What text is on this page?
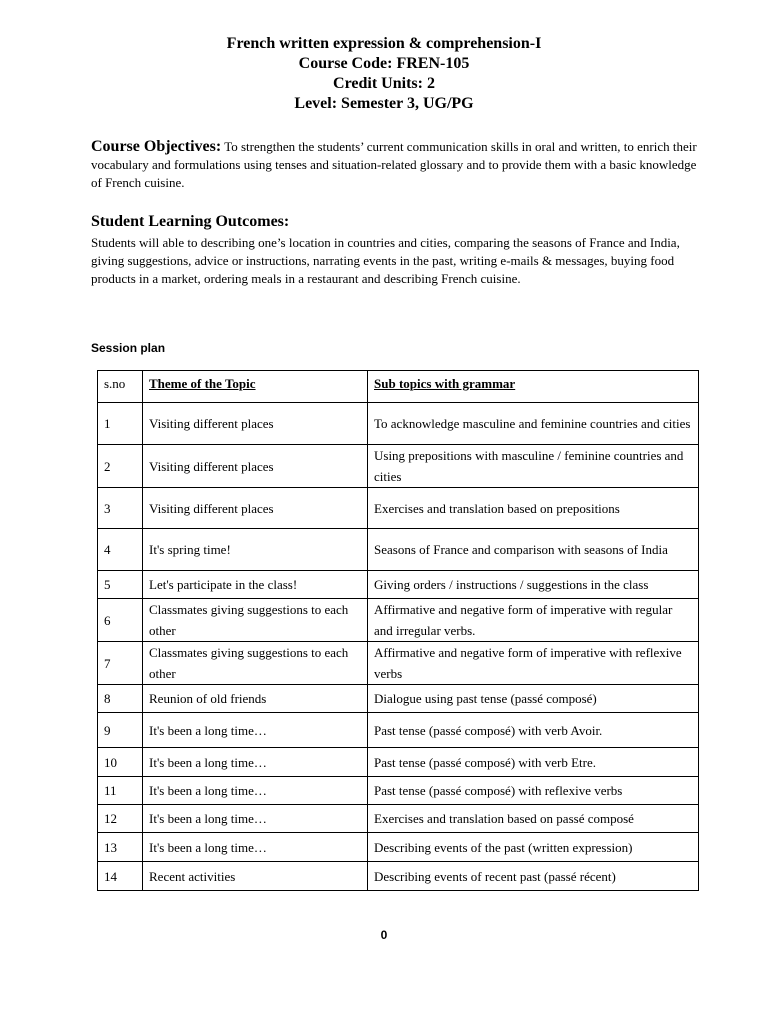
French written expression & comprehension-I
Course Code: FREN-105
Credit Units: 2
Level: Semester 3, UG/PG
Course Objectives: To strengthen the students’ current communication skills in oral and written, to enrich their vocabulary and formulations using tenses and situation-related glossary and to provide them with a basic knowledge of French cuisine.
Student Learning Outcomes:
Students will able to describing one’s location in countries and cities, comparing the seasons of France and India, giving suggestions, advice or instructions, narrating events in the past, writing e-mails & messages, buying food products in a market, ordering meals in a restaurant and describing French cuisine.
Session plan
s.no	Theme of the Topic	Sub topics with grammar
1	Visiting different places	To acknowledge masculine and feminine countries and cities
2	Visiting different places	Using prepositions with masculine / feminine countries and cities
3	Visiting different places	Exercises and translation based on prepositions
4	It's spring time!	Seasons of France and comparison with seasons of India
5	Let's participate in the class!	Giving orders / instructions / suggestions in the class
6	Classmates giving suggestions to each other	Affirmative and negative form of imperative with regular and irregular verbs.
7	Classmates giving suggestions to each other	Affirmative and negative form of imperative with reflexive verbs
8	Reunion of old friends	Dialogue using past tense (passé composé)
9	It's been a long time…	Past tense (passé composé) with verb Avoir.
10	It's been a long time…	Past tense (passé composé) with verb Etre.
11	It's been a long time…	Past tense (passé composé) with reflexive verbs
12	It's been a long time…	Exercises and translation based on passé composé
13	It's been a long time…	Describing events of the past (written expression)
14	Recent activities	Describing events of recent past (passé récent)
0
